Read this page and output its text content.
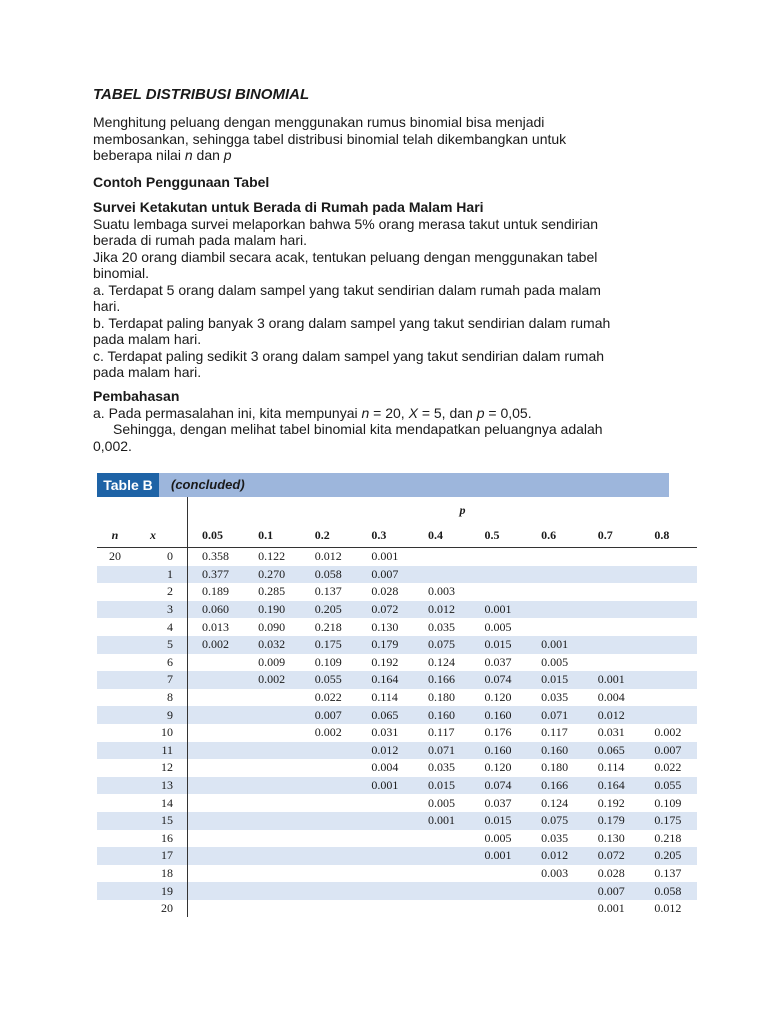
TABEL DISTRIBUSI BINOMIAL

Menghitung peluang dengan menggunakan rumus binomial bisa menjadi

membosankan, sehingga tabel distribusi binomial telah dikembangkan untuk

beberapa nilai n dan p

Contoh Penggunaan Tabel

Survei Ketakutan untuk Berada di Rumah pada Malam Hari

Suatu lembaga survei melaporkan bahwa 5% orang merasa takut untuk sendirian

berada di rumah pada malam hari.

Jika 20 orang diambil secara acak, tentukan peluang dengan menggunakan tabel

binomial.

a. Terdapat 5 orang dalam sampel yang takut sendirian dalam rumah pada malam

hari.

b. Terdapat paling banyak 3 orang dalam sampel yang takut sendirian dalam rumah

pada malam hari.

c. Terdapat paling sedikit 3 orang dalam sampel yang takut sendirian dalam rumah

pada malam hari.

Pembahasan

a. Pada permasalahan ini, kita mempunyai n = 20, X = 5, dan p = 0,05.

Sehingga, dengan melihat tabel binomial kita mendapatkan peluangnya adalah

0,002.

Table B	(concluded)
		p								
n	x	0.05	0.1	0.2	0.3	0.4	0.5	0.6	0.7	0.8
20	0	0.358	0.122	0.012	0.001					
	1	0.377	0.270	0.058	0.007					
	2	0.189	0.285	0.137	0.028	0.003				
	3	0.060	0.190	0.205	0.072	0.012	0.001			
	4	0.013	0.090	0.218	0.130	0.035	0.005			
	5	0.002	0.032	0.175	0.179	0.075	0.015	0.001		
	6		0.009	0.109	0.192	0.124	0.037	0.005		
	7		0.002	0.055	0.164	0.166	0.074	0.015	0.001	
	8			0.022	0.114	0.180	0.120	0.035	0.004	
	9			0.007	0.065	0.160	0.160	0.071	0.012	
	10			0.002	0.031	0.117	0.176	0.117	0.031	0.002
	11				0.012	0.071	0.160	0.160	0.065	0.007
	12				0.004	0.035	0.120	0.180	0.114	0.022
	13				0.001	0.015	0.074	0.166	0.164	0.055
	14					0.005	0.037	0.124	0.192	0.109
	15					0.001	0.015	0.075	0.179	0.175
	16						0.005	0.035	0.130	0.218
	17						0.001	0.012	0.072	0.205
	18							0.003	0.028	0.137
	19								0.007	0.058
	20								0.001	0.012
